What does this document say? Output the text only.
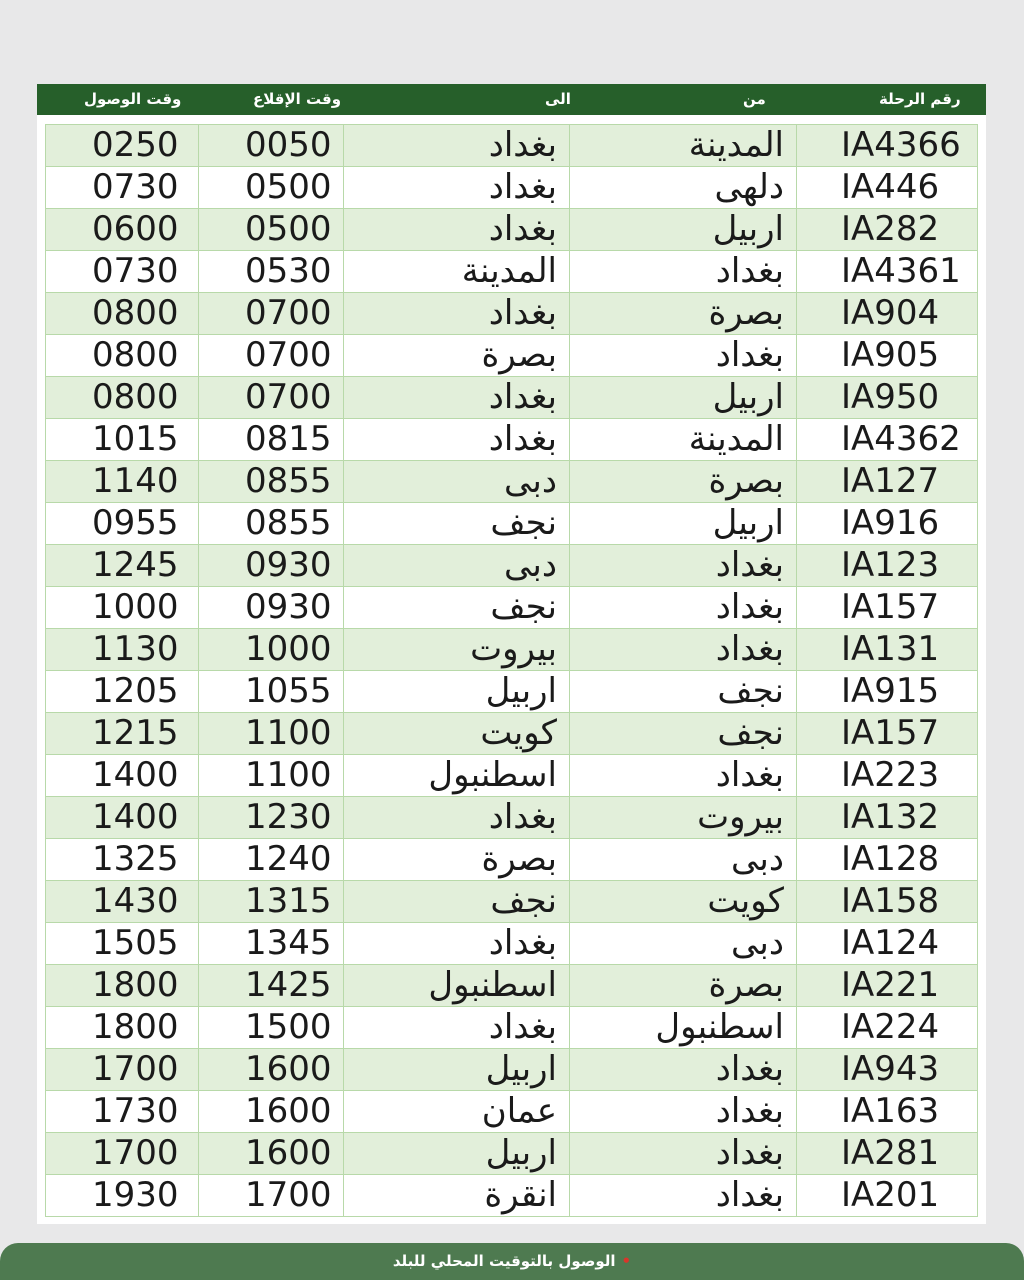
وقت الوصول	وقت الإقلاع	الى	من	رقم الرحلة
0250	0050	بغداد	المدينة	IA4366
0730	0500	بغداد	دلهى	IA446
0600	0500	بغداد	اربيل	IA282
0730	0530	المدينة	بغداد	IA4361
0800	0700	بغداد	بصرة	IA904
0800	0700	بصرة	بغداد	IA905
0800	0700	بغداد	اربيل	IA950
1015	0815	بغداد	المدينة	IA4362
1140	0855	دبى	بصرة	IA127
0955	0855	نجف	اربيل	IA916
1245	0930	دبى	بغداد	IA123
1000	0930	نجف	بغداد	IA157
1130	1000	بيروت	بغداد	IA131
1205	1055	اربيل	نجف	IA915
1215	1100	كويت	نجف	IA157
1400	1100	اسطنبول	بغداد	IA223
1400	1230	بغداد	بيروت	IA132
1325	1240	بصرة	دبى	IA128
1430	1315	نجف	كويت	IA158
1505	1345	بغداد	دبى	IA124
1800	1425	اسطنبول	بصرة	IA221
1800	1500	بغداد	اسطنبول	IA224
1700	1600	اربيل	بغداد	IA943
1730	1600	عمان	بغداد	IA163
1700	1600	اربيل	بغداد	IA281
1930	1700	انقرة	بغداد	IA201
•الوصول بالتوقيت المحلي للبلد
